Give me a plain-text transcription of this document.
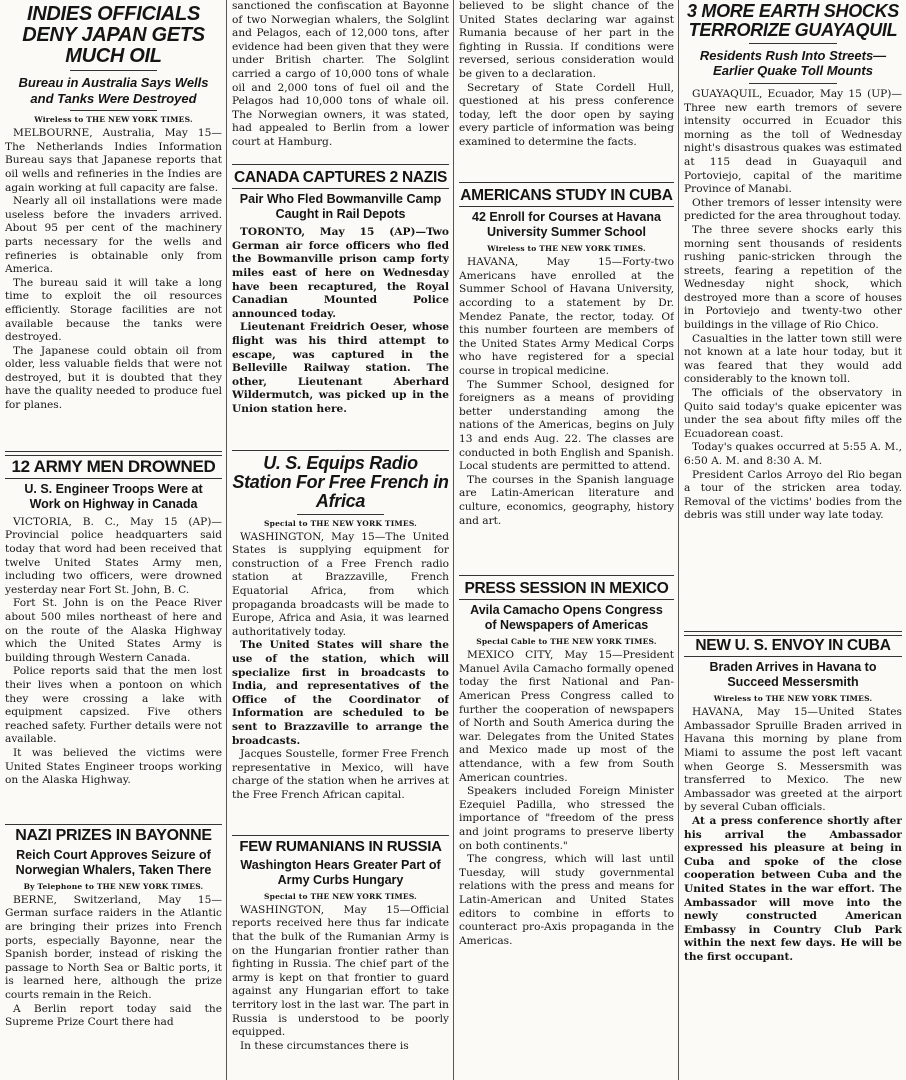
INDIES OFFICIALS DENY JAPAN GETS MUCH OIL
Bureau in Australia Says Wells and Tanks Were Destroyed
Wireless to THE NEW YORK TIMES.

MELBOURNE, Australia, May 15—The Netherlands Indies Information Bureau says that Japanese reports that oil wells and refineries in the Indies are again working at full capacity are false.

Nearly all oil installations were made useless before the invaders arrived. About 95 per cent of the machinery parts necessary for the wells and refineries is obtainable only from America.

The bureau said it will take a long time to exploit the oil resources efficiently. Storage facilities are not available because the tanks were destroyed.

The Japanese could obtain oil from older, less valuable fields that were not destroyed, but it is doubted that they have the quality needed to produce fuel for planes.

12 ARMY MEN DROWNED
U. S. Engineer Troops Were at Work on Highway in Canada

VICTORIA, B. C., May 15 (AP)—Provincial police headquarters said today that word had been received that twelve United States Army men, including two officers, were drowned yesterday near Fort St. John, B. C.

Fort St. John is on the Peace River about 500 miles northeast of here and on the route of the Alaska Highway which the United States Army is building through Western Canada.

Police reports said that the men lost their lives when a pontoon on which they were crossing a lake with equipment capsized. Five others reached safety. Further details were not available.

It was believed the victims were United States Engineer troops working on the Alaska Highway.

NAZI PRIZES IN BAYONNE
Reich Court Approves Seizure of Norwegian Whalers, Taken There
By Telephone to THE NEW YORK TIMES.

BERNE, Switzerland, May 15—German surface raiders in the Atlantic are bringing their prizes into French ports, especially Bayonne, near the Spanish border, instead of risking the passage to North Sea or Baltic ports, it is learned here, although the prize courts remain in the Reich.

A Berlin report today said the Supreme Prize Court there had

sanctioned the confiscation at Bayonne of two Norwegian whalers, the Solglint and Pelagos, each of 12,000 tons, after evidence had been given that they were under British charter. The Solglint carried a cargo of 10,000 tons of whale oil and 2,000 tons of fuel oil and the Pelagos had 10,000 tons of whale oil. The Norwegian owners, it was stated, had appealed to Berlin from a lower court at Hamburg.

CANADA CAPTURES 2 NAZIS
Pair Who Fled Bowmanville Camp Caught in Rail Depots

TORONTO, May 15 (AP)—Two German air force officers who fled the Bowmanville prison camp forty miles east of here on Wednesday have been recaptured, the Royal Canadian Mounted Police announced today.

Lieutenant Freidrich Oeser, whose flight was his third attempt to escape, was captured in the Belleville Railway station. The other, Lieutenant Aberhard Wildermutch, was picked up in the Union station here.

U. S. Equips Radio Station For Free French in Africa
Special to THE NEW YORK TIMES.

WASHINGTON, May 15—The United States is supplying equipment for construction of a Free French radio station at Brazzaville, French Equatorial Africa, from which propaganda broadcasts will be made to Europe, Africa and Asia, it was learned authoritatively today.

The United States will share the use of the station, which will specialize first in broadcasts to India, and representatives of the Office of the Coordinator of Information are scheduled to be sent to Brazzaville to arrange the broadcasts.

Jacques Soustelle, former Free French representative in Mexico, will have charge of the station when he arrives at the Free French African capital.

FEW RUMANIANS IN RUSSIA
Washington Hears Greater Part of Army Curbs Hungary
Special to THE NEW YORK TIMES.

WASHINGTON, May 15—Official reports received here thus far indicate that the bulk of the Rumanian Army is on the Hungarian frontier rather than fighting in Russia. The chief part of the army is kept on that frontier to guard against any Hungarian effort to take territory lost in the last war. The part in Russia is understood to be poorly equipped.

In these circumstances there is

believed to be slight chance of the United States declaring war against Rumania because of her part in the fighting in Russia. If conditions were reversed, serious consideration would be given to a declaration.

Secretary of State Cordell Hull, questioned at his press conference today, left the door open by saying every particle of information was being examined to determine the facts.

AMERICANS STUDY IN CUBA
42 Enroll for Courses at Havana University Summer School
Wireless to THE NEW YORK TIMES.

HAVANA, May 15—Forty-two Americans have enrolled at the Summer School of Havana University, according to a statement by Dr. Mendez Panate, the rector, today. Of this number fourteen are members of the United States Army Medical Corps who have registered for a special course in tropical medicine.

The Summer School, designed for foreigners as a means of providing better understanding among the nations of the Americas, begins on July 13 and ends Aug. 22. The classes are conducted in both English and Spanish. Local students are permitted to attend.

The courses in the Spanish language are Latin-American literature and culture, economics, geography, history and art.

PRESS SESSION IN MEXICO
Avila Camacho Opens Congress of Newspapers of Americas
Special Cable to THE NEW YORK TIMES.

MEXICO CITY, May 15—President Manuel Avila Camacho formally opened today the first National and Pan-American Press Congress called to further the cooperation of newspapers of North and South America during the war. Delegates from the United States and Mexico made up most of the attendance, with a few from South American countries.

Speakers included Foreign Minister Ezequiel Padilla, who stressed the importance of "freedom of the press and joint programs to preserve liberty on both continents."

The congress, which will last until Tuesday, will study governmental relations with the press and means for Latin-American and United States editors to combine in efforts to counteract pro-Axis propaganda in the Americas.

3 MORE EARTH SHOCKS TERRORIZE GUAYAQUIL
Residents Rush Into Streets— Earlier Quake Toll Mounts

GUAYAQUIL, Ecuador, May 15 (UP)—Three new earth tremors of severe intensity occurred in Ecuador this morning as the toll of Wednesday night's disastrous quakes was estimated at 115 dead in Guayaquil and Portoviejo, capital of the maritime Province of Manabi.

Other tremors of lesser intensity were predicted for the area throughout today.

The three severe shocks early this morning sent thousands of residents rushing panic-stricken through the streets, fearing a repetition of the Wednesday night shock, which destroyed more than a score of houses in Portoviejo and twenty-two other buildings in the village of Rio Chico.

Casualties in the latter town still were not known at a late hour today, but it was feared that they would add considerably to the known toll.

The officials of the observatory in Quito said today's quake epicenter was under the sea about fifty miles off the Ecuadorean coast.

Today's quakes occurred at 5:55 A. M., 6:50 A. M. and 8:30 A. M.

President Carlos Arroyo del Rio began a tour of the stricken area today. Removal of the victims' bodies from the debris was still under way late today.

NEW U. S. ENVOY IN CUBA
Braden Arrives in Havana to Succeed Messersmith
Wireless to THE NEW YORK TIMES.

HAVANA, May 15—United States Ambassador Spruille Braden arrived in Havana this morning by plane from Miami to assume the post left vacant when George S. Messersmith was transferred to Mexico. The new Ambassador was greeted at the airport by several Cuban officials.

At a press conference shortly after his arrival the Ambassador expressed his pleasure at being in Cuba and spoke of the close cooperation between Cuba and the United States in the war effort. The Ambassador will move into the newly constructed American Embassy in Country Club Park within the next few days. He will be the first occupant.
